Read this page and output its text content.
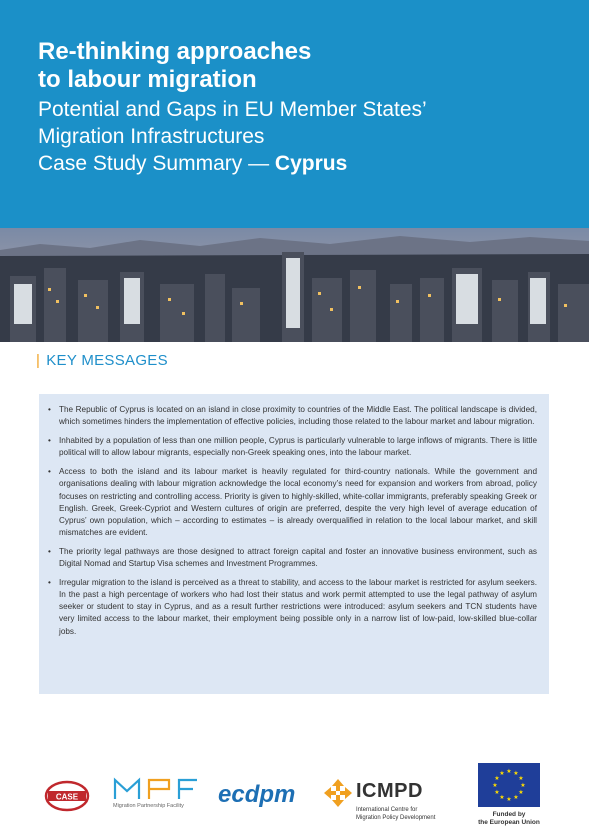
Re-thinking approaches
to labour migration
Potential and Gaps in EU Member States’
Migration Infrastructures
Case Study Summary — Cyprus
| KEY MESSAGES
• The Republic of Cyprus is located on an island in close proximity to countries of the Middle East. The political landscape is divided, which sometimes hinders the implementation of effective policies, including those related to the labour market and labour migration.
• Inhabited by a population of less than one million people, Cyprus is particularly vulnerable to large inflows of migrants. There is little political will to allow labour migrants, especially non-Greek speaking ones, into the labour market.
• Access to both the island and its labour market is heavily regulated for third-country nationals. While the government and organisations dealing with labour migration acknowledge the local economy’s need for expansion and workers from abroad, policy focuses on restricting and controlling access. Priority is given to highly-skilled, white-collar immigrants, preferably speaking Greek or English. Greek, Greek-Cypriot and Western cultures of origin are preferred, despite the very high level of average education of Cyprus’ own population, which – according to estimates – is already overqualified in relation to the local labour market, and skill mismatches are evident.
• The priority legal pathways are those designed to attract foreign capital and foster an innovative business environment, such as Digital Nomad and Startup Visa schemes and Investment Programmes.
• Irregular migration to the island is perceived as a threat to stability, and access to the labour market is restricted for asylum seekers. In the past a high percentage of workers who had lost their status and work permit attempted to use the legal pathway of asylum seeker or student to stay in Cyprus, and as a result further restrictions were introduced: asylum seekers and TCN students have very limited access to the labour market, their employment being possible only in a narrow list of low-paid, low-skilled blue-collar jobs.
CASE
Migration Partnership Facility ecdpm	ICMPD
International Centre for
Migration Policy Development
★ ★
★
★
★
★
★
★
★
★
★
★
Funded by
the European Union
